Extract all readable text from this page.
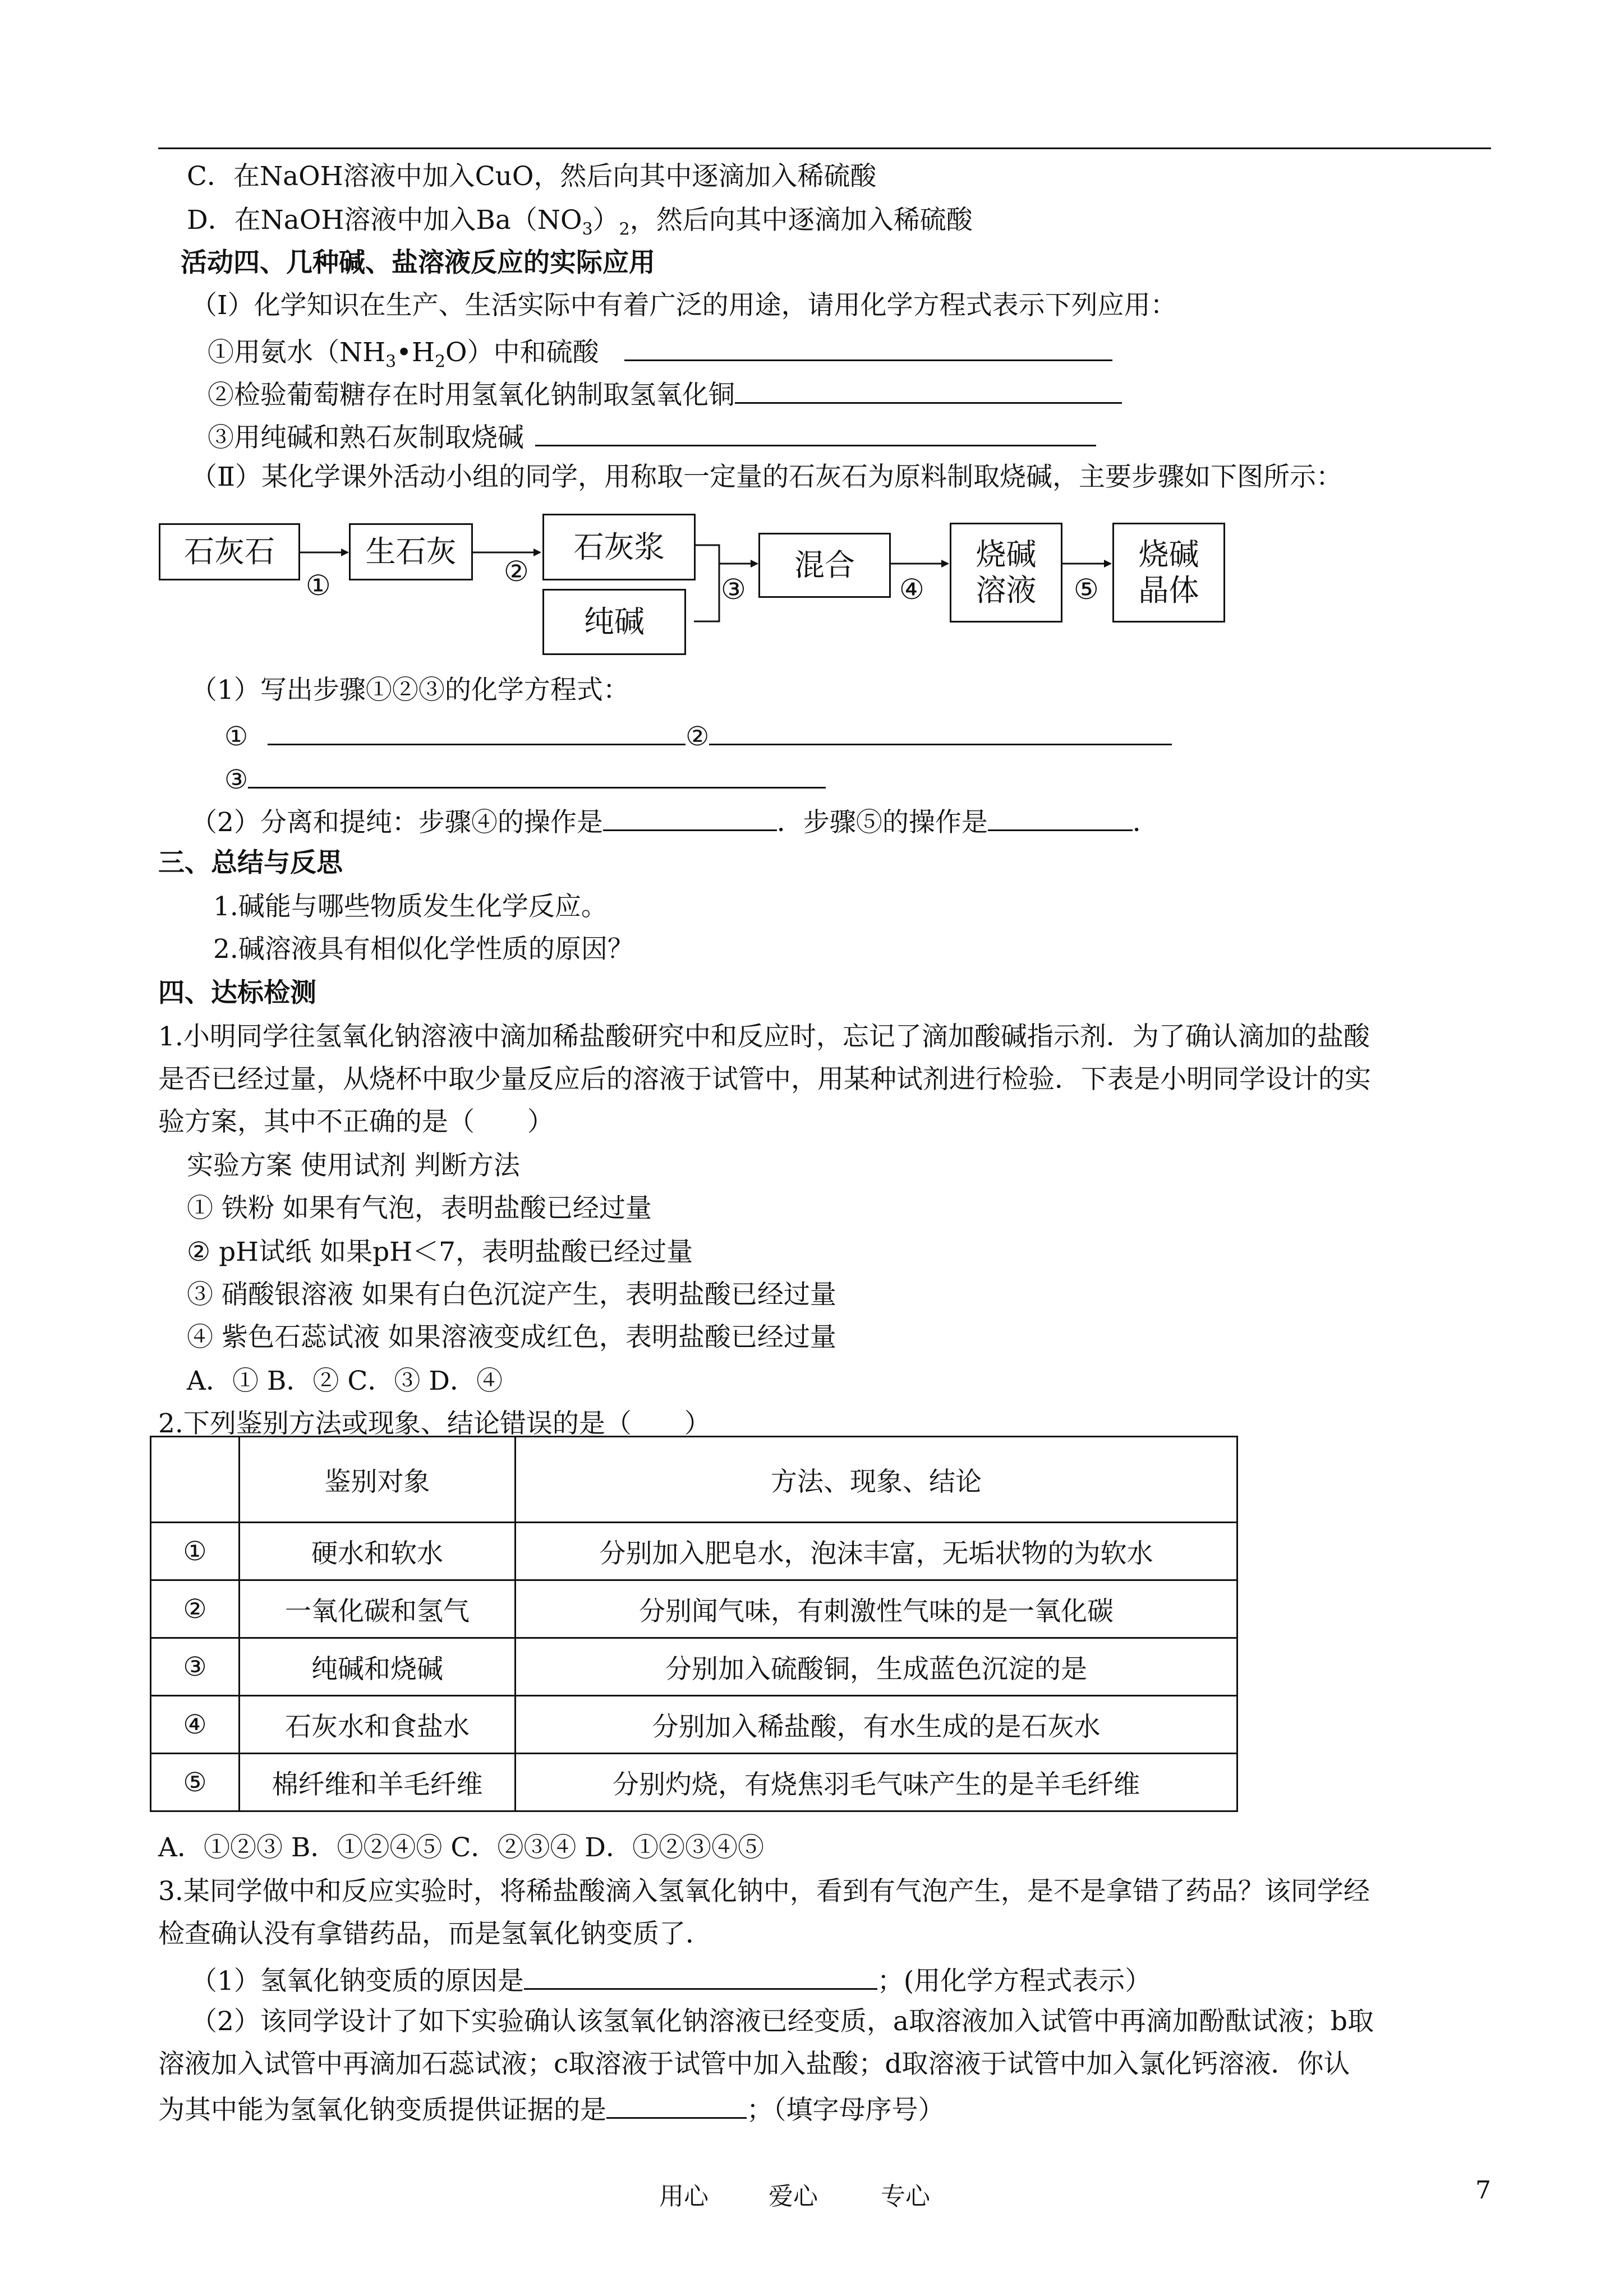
C．在NaOH溶液中加入CuO，然后向其中逐滴加入稀硫酸
D．在NaOH溶液中加入$Ba(NO_3)_2$，然后向其中逐滴加入稀硫酸
活动四、几种碱、盐溶液反应的实际应用
（Ⅰ）化学知识在生产、生活实际中有着广泛的用途，请用化学方程式表示下列应用：
①用氨水$(NH_3•H_2O)$中和硫酸
②检验葡萄糖存在时用氢氧化钠制取氢氧化铜
③用纯碱和熟石灰制取烧碱
（Ⅱ）某化学课外活动小组的同学，用称取一定量的石灰石为原料制取烧碱，主要步骤如下图所示：
石灰石	生石灰	石灰浆
纯碱
混合	烧碱
溶液
烧碱
晶体
①	②
③	④	⑤
（1）写出步骤①②③的化学方程式：
①	②
③
（2）分离和提纯：步骤④的操作是	．步骤⑤的操作是	．
三、总结与反思
1.碱能与哪些物质发生化学反应。
2.碱溶液具有相似化学性质的原因？
四、达标检测
1.小明同学往氢氧化钠溶液中滴加稀盐酸研究中和反应时，忘记了滴加酸碱指示剂．为了确认滴加的盐酸
是否已经过量，从烧杯中取少量反应后的溶液于试管中，用某种试剂进行检验．下表是小明同学设计的实
验方案，其中不正确的是（　　）
实验方案 使用试剂 判断方法
① 铁粉 如果有气泡，表明盐酸已经过量
② pH试纸 如果pH＜7，表明盐酸已经过量
③ 硝酸银溶液 如果有白色沉淀产生，表明盐酸已经过量
④ 紫色石蕊试液 如果溶液变成红色，表明盐酸已经过量
A．① B．② C．③ D．④
2.下列鉴别方法或现象、结论错误的是（　　）
	鉴别对象	方法、现象、结论
①	硬水和软水	分别加入肥皂水，泡沫丰富，无垢状物的为软水
②	一氧化碳和氢气	分别闻气味，有刺激性气味的是一氧化碳
③	纯碱和烧碱	分别加入硫酸铜，生成蓝色沉淀的是
④	石灰水和食盐水	分别加入稀盐酸，有水生成的是石灰水
⑤	棉纤维和羊毛纤维	分别灼烧，有烧焦羽毛气味产生的是羊毛纤维
A．①②③ B．①②④⑤ C．②③④ D．①②③④⑤
3.某同学做中和反应实验时，将稀盐酸滴入氢氧化钠中，看到有气泡产生，是不是拿错了药品？该同学经
检查确认没有拿错药品，而是氢氧化钠变质了．
（1）氢氧化钠变质的原因是	；(用化学方程式表示）
（2）该同学设计了如下实验确认该氢氧化钠溶液已经变质，a取溶液加入试管中再滴加酚酞试液；b取
溶液加入试管中再滴加石蕊试液；c取溶液于试管中加入盐酸；d取溶液于试管中加入氯化钙溶液．你认
为其中能为氢氧化钠变质提供证据的是	；（填字母序号）
用心 爱心	专心	7
